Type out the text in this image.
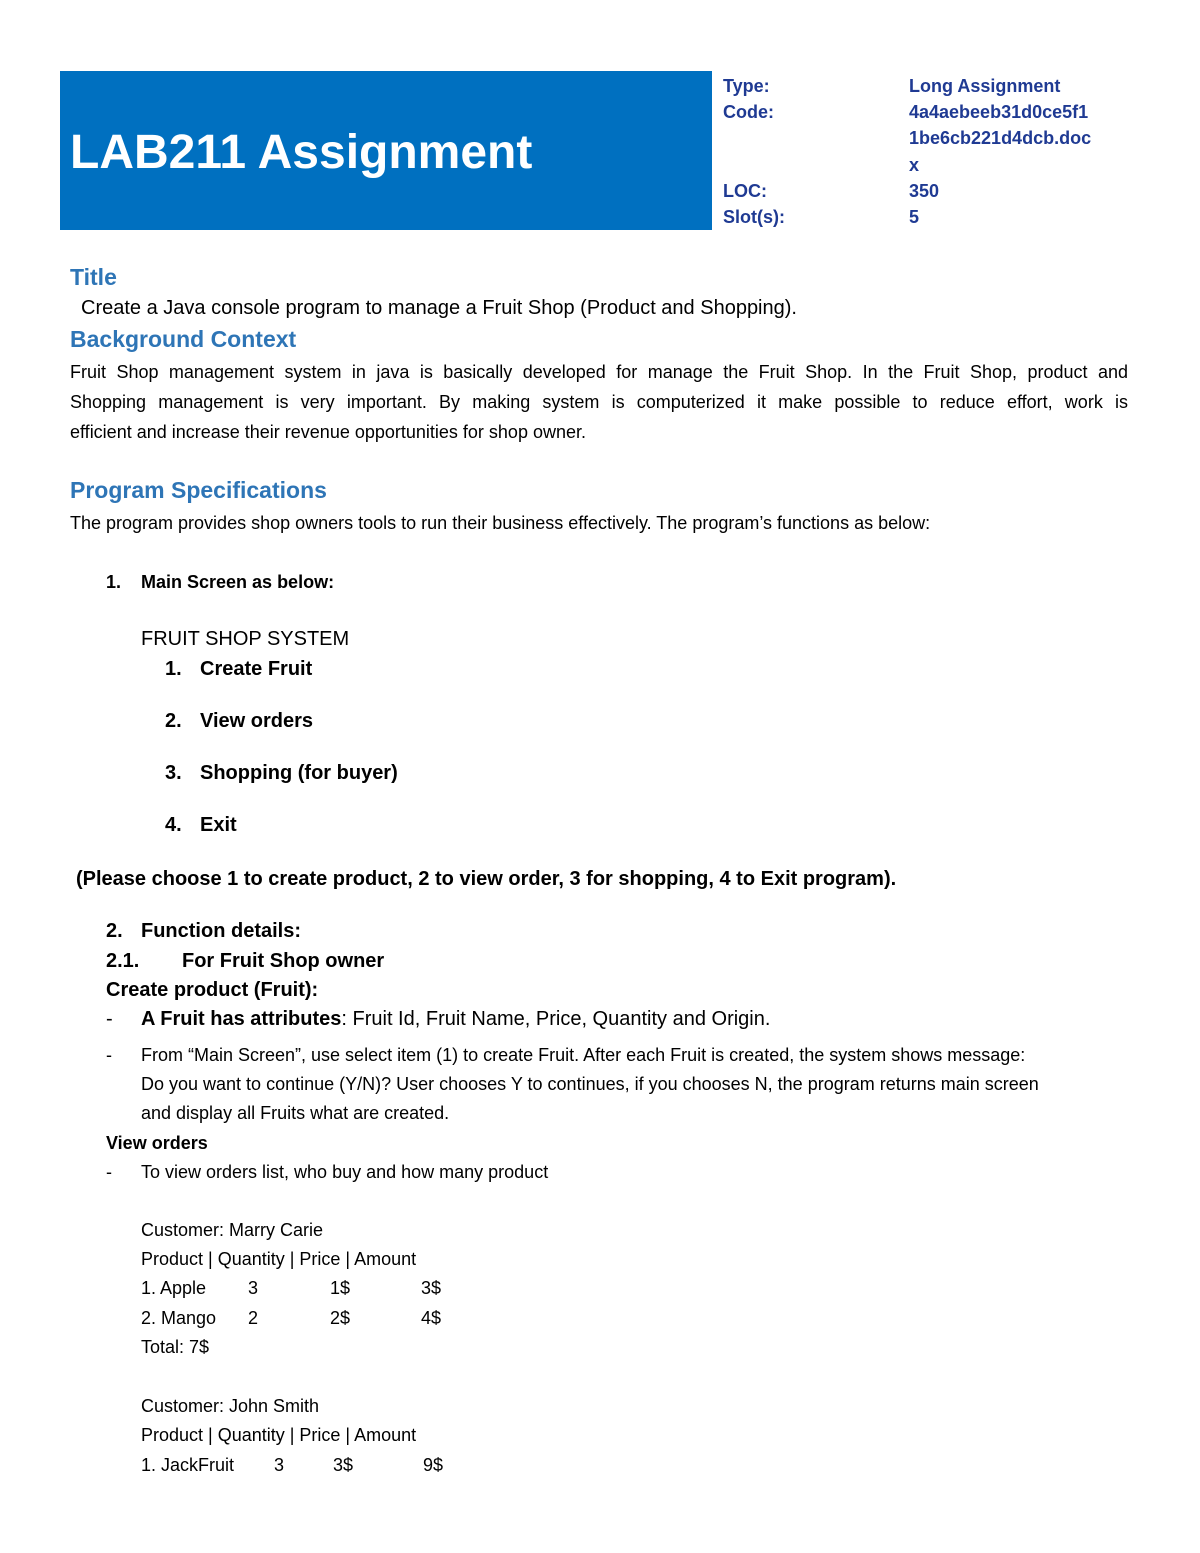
LAB211 Assignment
Type:	Long Assignment
Code:	4a4aebeeb31d0ce5f1
1be6cb221d4dcb.doc
x
LOC:	350
Slot(s):	5
Title
Create a Java console program to manage a Fruit Shop (Product and Shopping).
Background Context
Fruit Shop management system in java is basically developed for manage the Fruit Shop. In the Fruit Shop, product and
Shopping management is very important. By making system is computerized it make possible to reduce effort, work is
efficient and increase their revenue opportunities for shop owner.
Program Specifications
The program provides shop owners tools to run their business effectively. The program’s functions as below:
1. Main Screen as below:
FRUIT SHOP SYSTEM
1. Create Fruit
2. View orders
3. Shopping (for buyer)
4. Exit
(Please choose 1 to create product, 2 to view order, 3 for shopping, 4 to Exit program).
2. Function details:
2.1. For Fruit Shop owner
Create product (Fruit):
- A Fruit has attributes: Fruit Id, Fruit Name, Price, Quantity and Origin.
- From “Main Screen”, use select item (1) to create Fruit. After each Fruit is created, the system shows message:
Do you want to continue (Y/N)? User chooses Y to continues, if you chooses N, the program returns main screen
and display all Fruits what are created.
View orders
- To view orders list, who buy and how many product
Customer: Marry Carie
Product | Quantity | Price | Amount
1. Apple 3	1$	3$
2. Mango 2	2$	4$
Total: 7$
Customer: John Smith
Product | Quantity | Price | Amount
1. JackFruit 3	3$	9$
